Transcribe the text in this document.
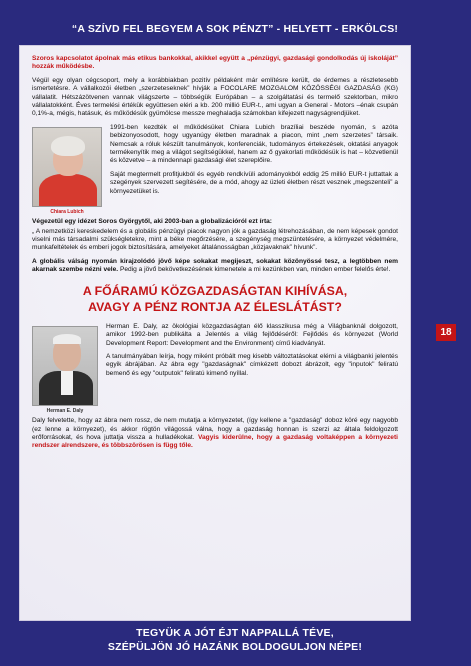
“A SZÍVD FEL BEGYEM A SOK PÉNZT” - HELYETT - ERKÖLCS!

Szoros kapcsolatot ápolnak más etikus bankokkal, akikkel együtt a „pénzügyi, gazdasági gondolkodás új iskoláját” hozzák működésbe.

Végül egy olyan cégcsoport, mely a korábbiakban pozitív példaként már említésre került, de érdemes a részletesebb ismertetésre. A vállalkozói életben „szerzeteseknek” hívják a FOCOLARE MOZGALOM KÖZÖSSÉGI GAZDASÁG (KG) vállalatit. Hétszázötvenen vannak világszerte – többségük Európában – a szolgáltatási és termelő szektorban, mikro vállalatokként. Éves termelési értékük együttesen eléri a kb. 200 millió EUR-t., ami ugyan a General - Motors –énak csupán 0,1%-a, mégis, hatásuk, és működésük gyümölcse messze meghaladja számokban kifejezett nagyságrendjüket.

Chiara Lubich

1991-ben kezdték el működésüket Chiara Lubich brazíliai beszéde nyomán, s azóta bebizonyosodott, hogy ugyanúgy életben maradnak a piacon, mint „nem szerzetes” társaik. Nemcsak a róluk készült tanulmányok, konferenciák, tudományos értekezések, oktatási anyagok termékenyítik meg a világot segítségükkel, hanem az ő gyakorlati működésük is hat – közvetlenül és közvetve – a mindennapi gazdasági élet szereplőire.

Saját megtermelt profitjukból és egyéb rendkívüli adományokból eddig 25 millió EUR-t juttattak a szegények szervezett segítésére, de a mód, ahogy az üzleti életben részt vesznek „megszenteli” a környezetüket is.

Végezetül egy idézet Soros Györgytől, aki 2003-ban a globalizációról ezt írta:

„ A nemzetközi kereskedelem és a globális pénzügyi piacok nagyon jók a gazdaság létrehozásában, de nem képesek gondot viselni más társadalmi szükségletekre, mint a béke megőrzésére, a szegénység megszüntetésére, a környezet védelmére, munkafeltételek és emberi jogok biztosítására, amelyeket általánosságban „közjavaknak” hívunk”.

A globális válság nyomán kirajzolódó jövő képe sokakat megijeszt, sokakat közönyössé tesz, a legtöbben nem akarnak szembe nézni vele. Pedig a jövő bekövetkezésének kimenetele a mi kezünkben van, minden ember felelős érte!.

A FŐÁRAMÚ KÖZGAZDASÁGTAN KIHÍVÁSA,
AVAGY A PÉNZ RONTJA AZ ÉLESLÁTÁST?
Herman E. Daly

Herman E. Daly, az ökológiai közgazdaságtan élő klasszikusa még a Világbanknál dolgozott, amikor 1992-ben publikálta a Jelentés a világ fejlődéséről: Fejlődés és környezet (World Development Report: Development and the Environment) című kiadványát.

A tanulmányában leírja, hogy miként próbált meg kisebb változtatásokat elérni a világbanki jelentés egyik ábrájában. Az ábra egy "gazdaságnak" címkézett dobozt ábrázolt, egy "inputok" feliratú bemenő és egy "outputok" feliratú kimenő nyíllal.

Daly felvetette, hogy az ábra nem rossz, de nem mutatja a környezetet, (így kellene a "gazdaság" doboz köré egy nagyobb (ez lenne a környezet), és akkor rögtön világossá válna, hogy a gazdaság honnan is szerzi az általa feldolgozott erőforrásokat, és hova juttatja vissza a hulladékokat. Vagyis kiderülne, hogy a gazdaság voltaképpen a környezeti rendszer alrendszere, és többszörösen is függ tőle.

18
TEGYÜK A JÓT ÉJT NAPPALLÁ TÉVE,
SZÉPÜLJÖN JÓ HAZÁNK BOLDOGULJON NÉPE!
